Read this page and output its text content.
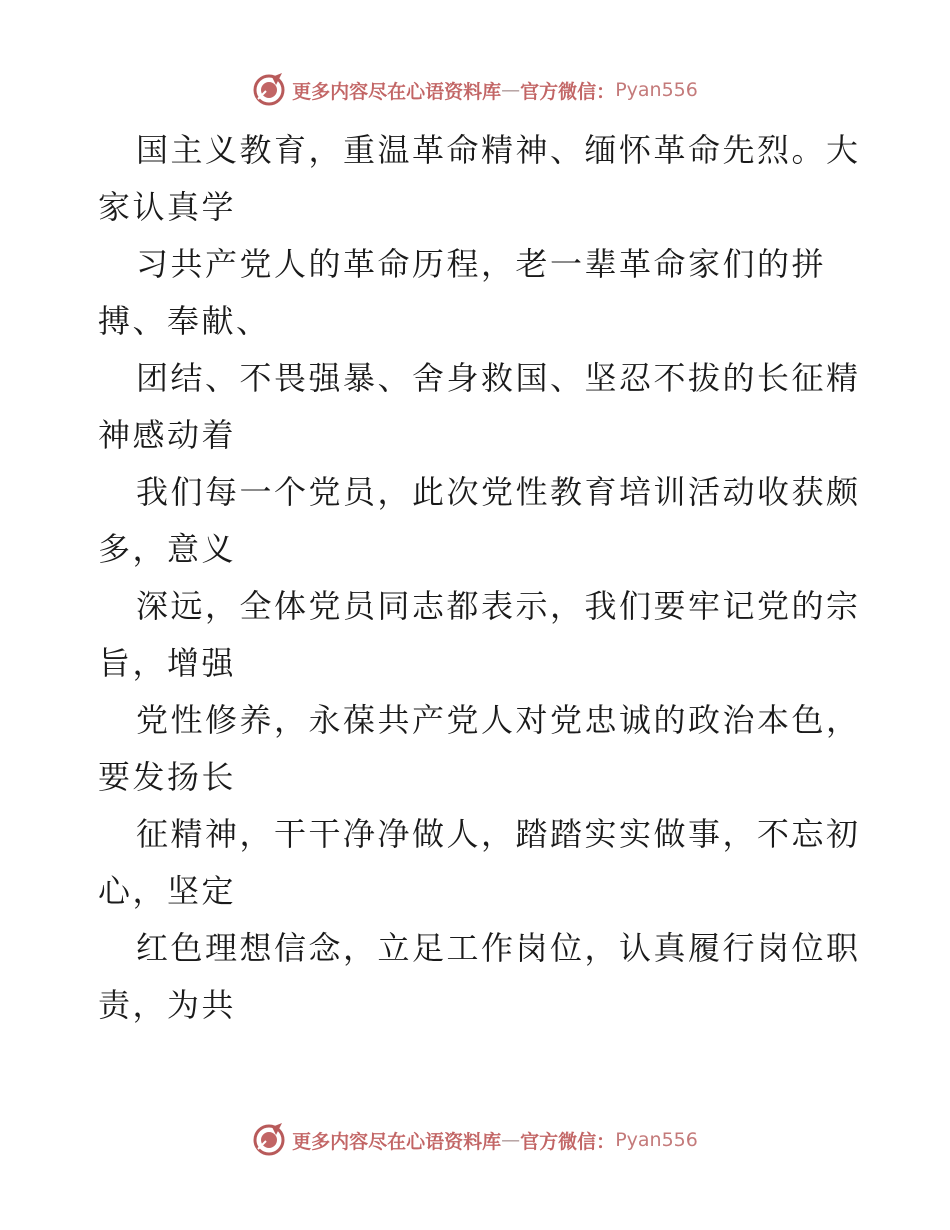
更多内容尽在心语资料库 — 官方微信： Pyan556

国主义教育，重温革命精神、缅怀革命先烈。大
家认真学

习共产党人的革命历程，老一辈革命家们的拼
搏、奉献、

团结、不畏强暴、舍身救国、坚忍不拔的长征精
神感动着

我们每一个党员，此次党性教育培训活动收获颇
多，意义

深远，全体党员同志都表示，我们要牢记党的宗
旨，增强

党性修养，永葆共产党人对党忠诚的政治本色，
要发扬长

征精神，干干净净做人，踏踏实实做事，不忘初
心，坚定

红色理想信念，立足工作岗位，认真履行岗位职
责，为共

更多内容尽在心语资料库 — 官方微信： Pyan556
